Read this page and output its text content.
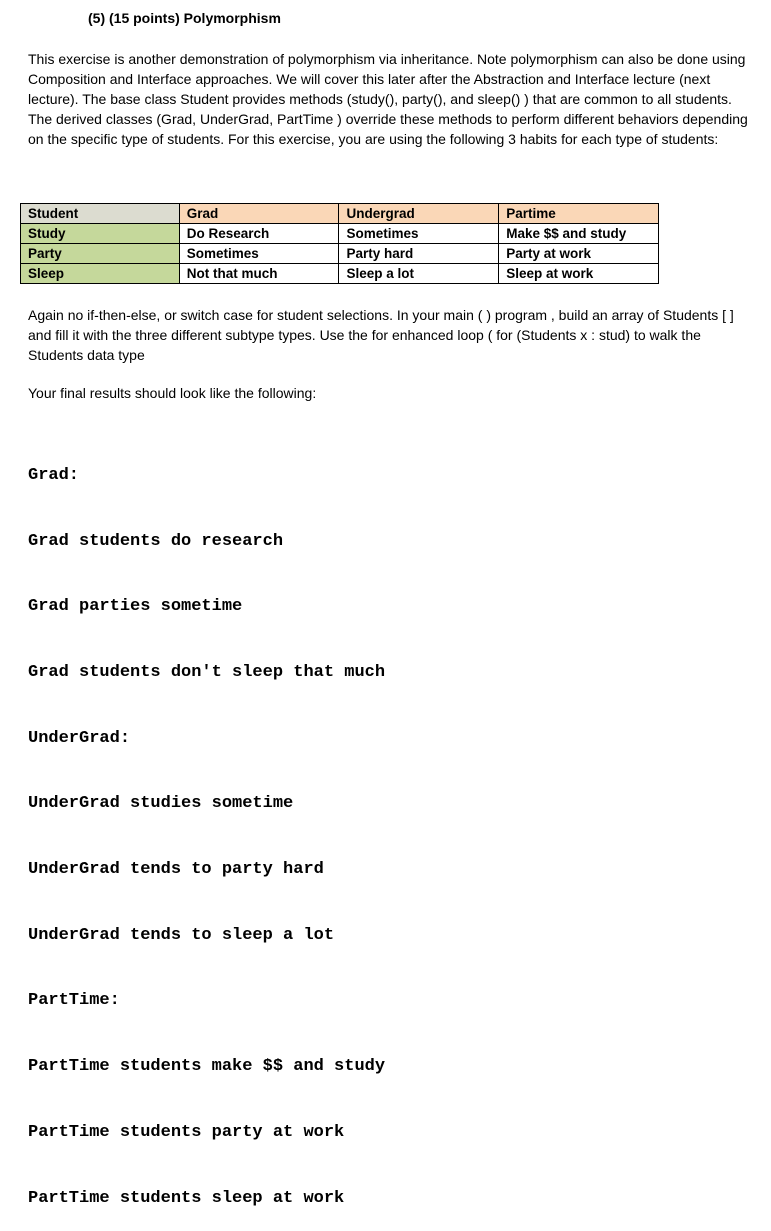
(5) (15 points) Polymorphism
This exercise is another demonstration of polymorphism via inheritance. Note polymorphism can also be done using Composition and Interface approaches. We will cover this later after the Abstraction and Interface lecture (next lecture). The base class Student provides methods (study(), party(), and sleep() ) that are common to all students. The derived classes (Grad, UnderGrad, PartTime ) override these methods to perform different behaviors depending on the specific type of students. For this exercise, you are using the following 3 habits for each type of students:
Student	Grad	Undergrad	Partime
Study	Do Research	Sometimes	Make $$ and study
Party	Sometimes	Party hard	Party at work
Sleep	Not that much	Sleep a lot	Sleep at work
Again no if-then-else, or switch case for student selections. In your main ( ) program , build an array of Students [ ] and fill it with the three different subtype types. Use the for enhanced loop ( for (Students x : stud) to walk the Students data type
Your final results should look like the following:

Grad:

Grad students do research

Grad parties sometime

Grad students don't sleep that much

UnderGrad:

UnderGrad studies sometime

UnderGrad tends to party hard

UnderGrad tends to sleep a lot

PartTime:

PartTime students make $$ and study

PartTime students party at work

PartTime students sleep at work
